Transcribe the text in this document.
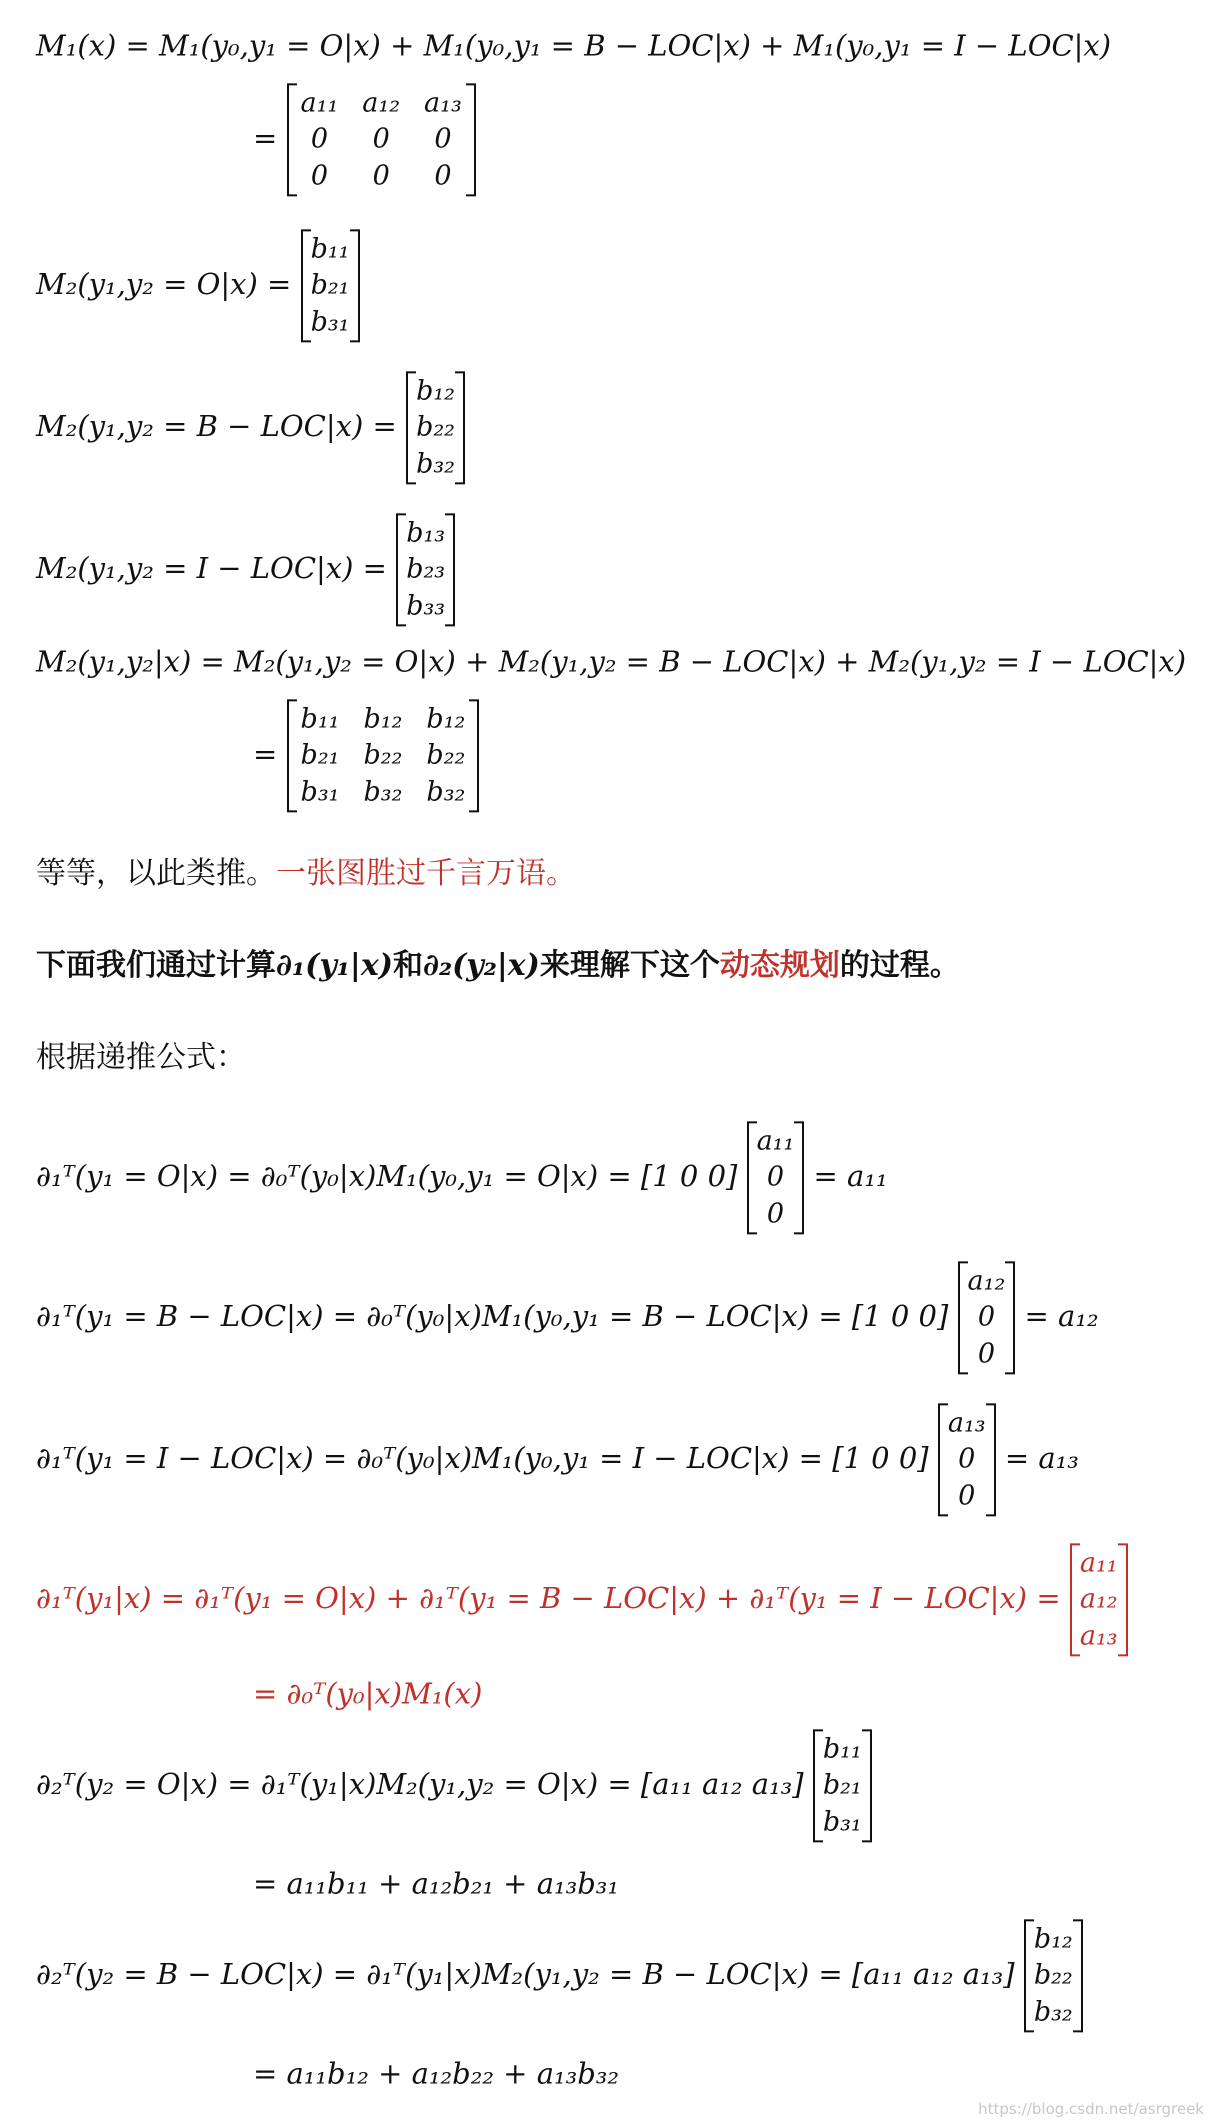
M₁(x) = M₁(y₀,y₁ = O|x) + M₁(y₀,y₁ = B − LOC|x) + M₁(y₀,y₁ = I − LOC|x)
=
a₁₁	a₁₂	a₁₃
0	0	0
0	0	0
M₂(y₁,y₂ = O|x) =
b₁₁
b₂₁
b₃₁
M₂(y₁,y₂ = B − LOC|x) =
b₁₂
b₂₂
b₃₂
M₂(y₁,y₂ = I − LOC|x) =
b₁₃
b₂₃
b₃₃
M₂(y₁,y₂|x) = M₂(y₁,y₂ = O|x) + M₂(y₁,y₂ = B − LOC|x) + M₂(y₁,y₂ = I − LOC|x)
=
b₁₁	b₁₂	b₁₂
b₂₁	b₂₂	b₂₂
b₃₁	b₃₂	b₃₂
等等，以此类推。一张图胜过千言万语。
下面我们通过计算∂₁(y₁|x)和∂₂(y₂|x)来理解下这个动态规划的过程。
根据递推公式：
∂₁ᵀ(y₁ = O|x) = ∂₀ᵀ(y₀|x)M₁(y₀,y₁ = O|x) = [1 0 0]
a₁₁
0
0
= a₁₁
∂₁ᵀ(y₁ = B − LOC|x) = ∂₀ᵀ(y₀|x)M₁(y₀,y₁ = B − LOC|x) = [1 0 0]
a₁₂
0
0
= a₁₂
∂₁ᵀ(y₁ = I − LOC|x) = ∂₀ᵀ(y₀|x)M₁(y₀,y₁ = I − LOC|x) = [1 0 0]
a₁₃
0
0
= a₁₃
∂₁ᵀ(y₁|x) = ∂₁ᵀ(y₁ = O|x) + ∂₁ᵀ(y₁ = B − LOC|x) + ∂₁ᵀ(y₁ = I − LOC|x) =
a₁₁
a₁₂
a₁₃
= ∂₀ᵀ(y₀|x)M₁(x)
∂₂ᵀ(y₂ = O|x) = ∂₁ᵀ(y₁|x)M₂(y₁,y₂ = O|x) = [a₁₁ a₁₂ a₁₃]
b₁₁
b₂₁
b₃₁
= a₁₁b₁₁ + a₁₂b₂₁ + a₁₃b₃₁
∂₂ᵀ(y₂ = B − LOC|x) = ∂₁ᵀ(y₁|x)M₂(y₁,y₂ = B − LOC|x) = [a₁₁ a₁₂ a₁₃]
b₁₂
b₂₂
b₃₂
= a₁₁b₁₂ + a₁₂b₂₂ + a₁₃b₃₂
https://blog.csdn.net/asrgreek
